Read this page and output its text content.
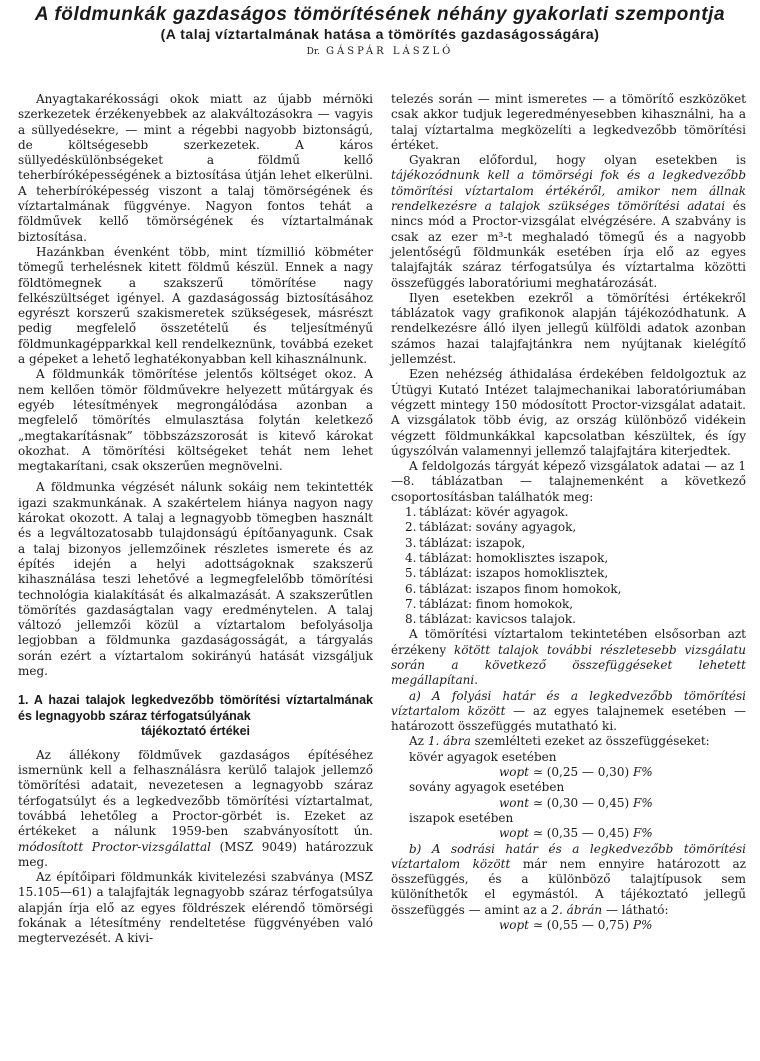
A földmunkák gazdaságos tömörítésének néhány gyakorlati szempontja
(A talaj víztartalmának hatása a tömörítés gazdaságosságára)
Dr. GÁSPÁR LÁSZLÓ

Anyagtakarékossági okok miatt az újabb mérnöki szerkezetek érzékenyebbek az alakváltozásokra — vagyis a süllyedésekre, — mint a régebbi nagyobb biztonságú, de költségesebb szerkezetek. A káros süllyedéskülönbségeket a földmű kellő teherbíróképességének a biztosítása útján lehet elkerülni. A teherbíróképesség viszont a talaj tömörségének és víztartalmának függvénye. Nagyon fontos tehát a földművek kellő tömörségének és víztartalmának biztosítása.

Hazánkban évenként több, mint tízmillió köbméter tömegű terhelésnek kitett földmű készül. Ennek a nagy földtömegnek a szakszerű tömörítése nagy felkészültséget igényel. A gazdaságosság biztosításához egyrészt korszerű szakismeretek szükségesek, másrészt pedig megfelelő összetételű és teljesítményű földmunkagépparkkal kell rendelkeznünk, továbbá ezeket a gépeket a lehető leghatékonyabban kell kihasználnunk.

A földmunkák tömörítése jelentős költséget okoz. A nem kellően tömör földművekre helyezett műtárgyak és egyéb létesítmények megrongálódása azonban a megfelelő tömörítés elmulasztása folytán keletkező „megtakarításnak” többszázszorosát is kitevő károkat okozhat. A tömörítési költségeket tehát nem lehet megtakarítani, csak okszerűen megnövelni.

A földmunka végzését nálunk sokáig nem tekintették igazi szakmunkának. A szakértelem hiánya nagyon nagy károkat okozott. A talaj a legnagyobb tömegben használt és a legváltozatosabb tulajdonságú építőanyagunk. Csak a talaj bizonyos jellemzőinek részletes ismerete és az építés idején a helyi adottságoknak szakszerű kihasználása teszi lehetővé a legmegfelelőbb tömörítési technológia kialakítását és alkalmazását. A szakszerűtlen tömörítés gazdaságtalan vagy eredménytelen. A talaj változó jellemzői közül a víztartalom befolyásolja legjobban a földmunka gazdaságosságát, a tárgyalás során ezért a víztartalom sokirányú hatását vizsgáljuk meg.

1. A hazai talajok legkedvezőbb tömörítési víztartalmának és legnagyobb száraz térfogatsúlyának
tájékoztató értékei

Az állékony földművek gazdaságos építéséhez ismernünk kell a felhasználásra kerülő talajok jellemző tömörítési adatait, nevezetesen a legnagyobb száraz térfogatsúlyt és a legkedvezőbb tömörítési víztartalmat, továbbá lehetőleg a Proctor-görbét is. Ezeket az értékeket a nálunk 1959-ben szabványosított ún. módosított Proctor-vizsgálattal (MSZ 9049) határozzuk meg.

Az építőipari földmunkák kivitelezési szabványa (MSZ 15.105—61) a talajfajták legnagyobb száraz térfogatsúlya alapján írja elő az egyes földrészek elérendő tömörségi fokának a létesítmény rendeltetése függvényében való megtervezését. A kivi-

telezés során — mint ismeretes — a tömörítő eszközöket csak akkor tudjuk legeredményesebben kihasználni, ha a talaj víztartalma megközelíti a legkedvezőbb tömörítési értéket.

Gyakran előfordul, hogy olyan esetekben is tájékozódnunk kell a tömörségi fok és a legkedvezőbb tömörítési víztartalom értékéről, amikor nem állnak rendelkezésre a talajok szükséges tömörítési adatai és nincs mód a Proctor-vizsgálat elvégzésére. A szabvány is csak az ezer m³-t meghaladó tömegű és a nagyobb jelentőségű földmunkák esetében írja elő az egyes talajfajták száraz térfogatsúlya és víztartalma közötti összefüggés laboratóriumi meghatározását.

Ilyen esetekben ezekről a tömörítési értékekről táblázatok vagy grafikonok alapján tájékozódhatunk. A rendelkezésre álló ilyen jellegű külföldi adatok azonban számos hazai talajfajtánkra nem nyújtanak kielégítő jellemzést.

Ezen nehézség áthidalása érdekében feldolgoztuk az Útügyi Kutató Intézet talajmechanikai laboratóriumában végzett mintegy 150 módosított Proctor-vizsgálat adatait. A vizsgálatok több évig, az ország különböző vidékein végzett földmunkákkal kapcsolatban készültek, és így úgyszólván valamennyi jellemző talajfajtára kiterjedtek.

A feldolgozás tárgyát képező vizsgálatok adatai — az 1—8. táblázatban — talajnemenként a következő csoportosításban találhatók meg:

1. táblázat: kövér agyagok.
2. táblázat: sovány agyagok,
3. táblázat: iszapok,
4. táblázat: homoklisztes iszapok,
5. táblázat: iszapos homoklisztek,
6. táblázat: iszapos finom homokok,
7. táblázat: finom homokok,
8. táblázat: kavicsos talajok.

A tömörítési víztartalom tekintetében elsősorban azt érzékeny kötött talajok további részletesebb vizsgálatu során a következő összefüggéseket lehetett megállapítani.

a) A folyási határ és a legkedvezőbb tömörítési víztartalom között — az egyes talajnemek esetében — határozott összefüggés mutatható ki.

Az 1. ábra szemlélteti ezeket az összefüggéseket:

kövér agyagok esetében

wopt ≃ (0,25 — 0,30) F%

sovány agyagok esetében

wont ≃ (0,30 — 0,45) F%

iszapok esetében

wopt ≃ (0,35 — 0,45) F%

b) A sodrási határ és a legkedvezőbb tömörítési víztartalom között már nem ennyire határozott az összefüggés, és a különböző talajtípusok sem különíthetők el egymástól. A tájékoztató jellegű összefüggés — amint az a 2. ábrán — látható:

wopt ≃ (0,55 — 0,75) P%
